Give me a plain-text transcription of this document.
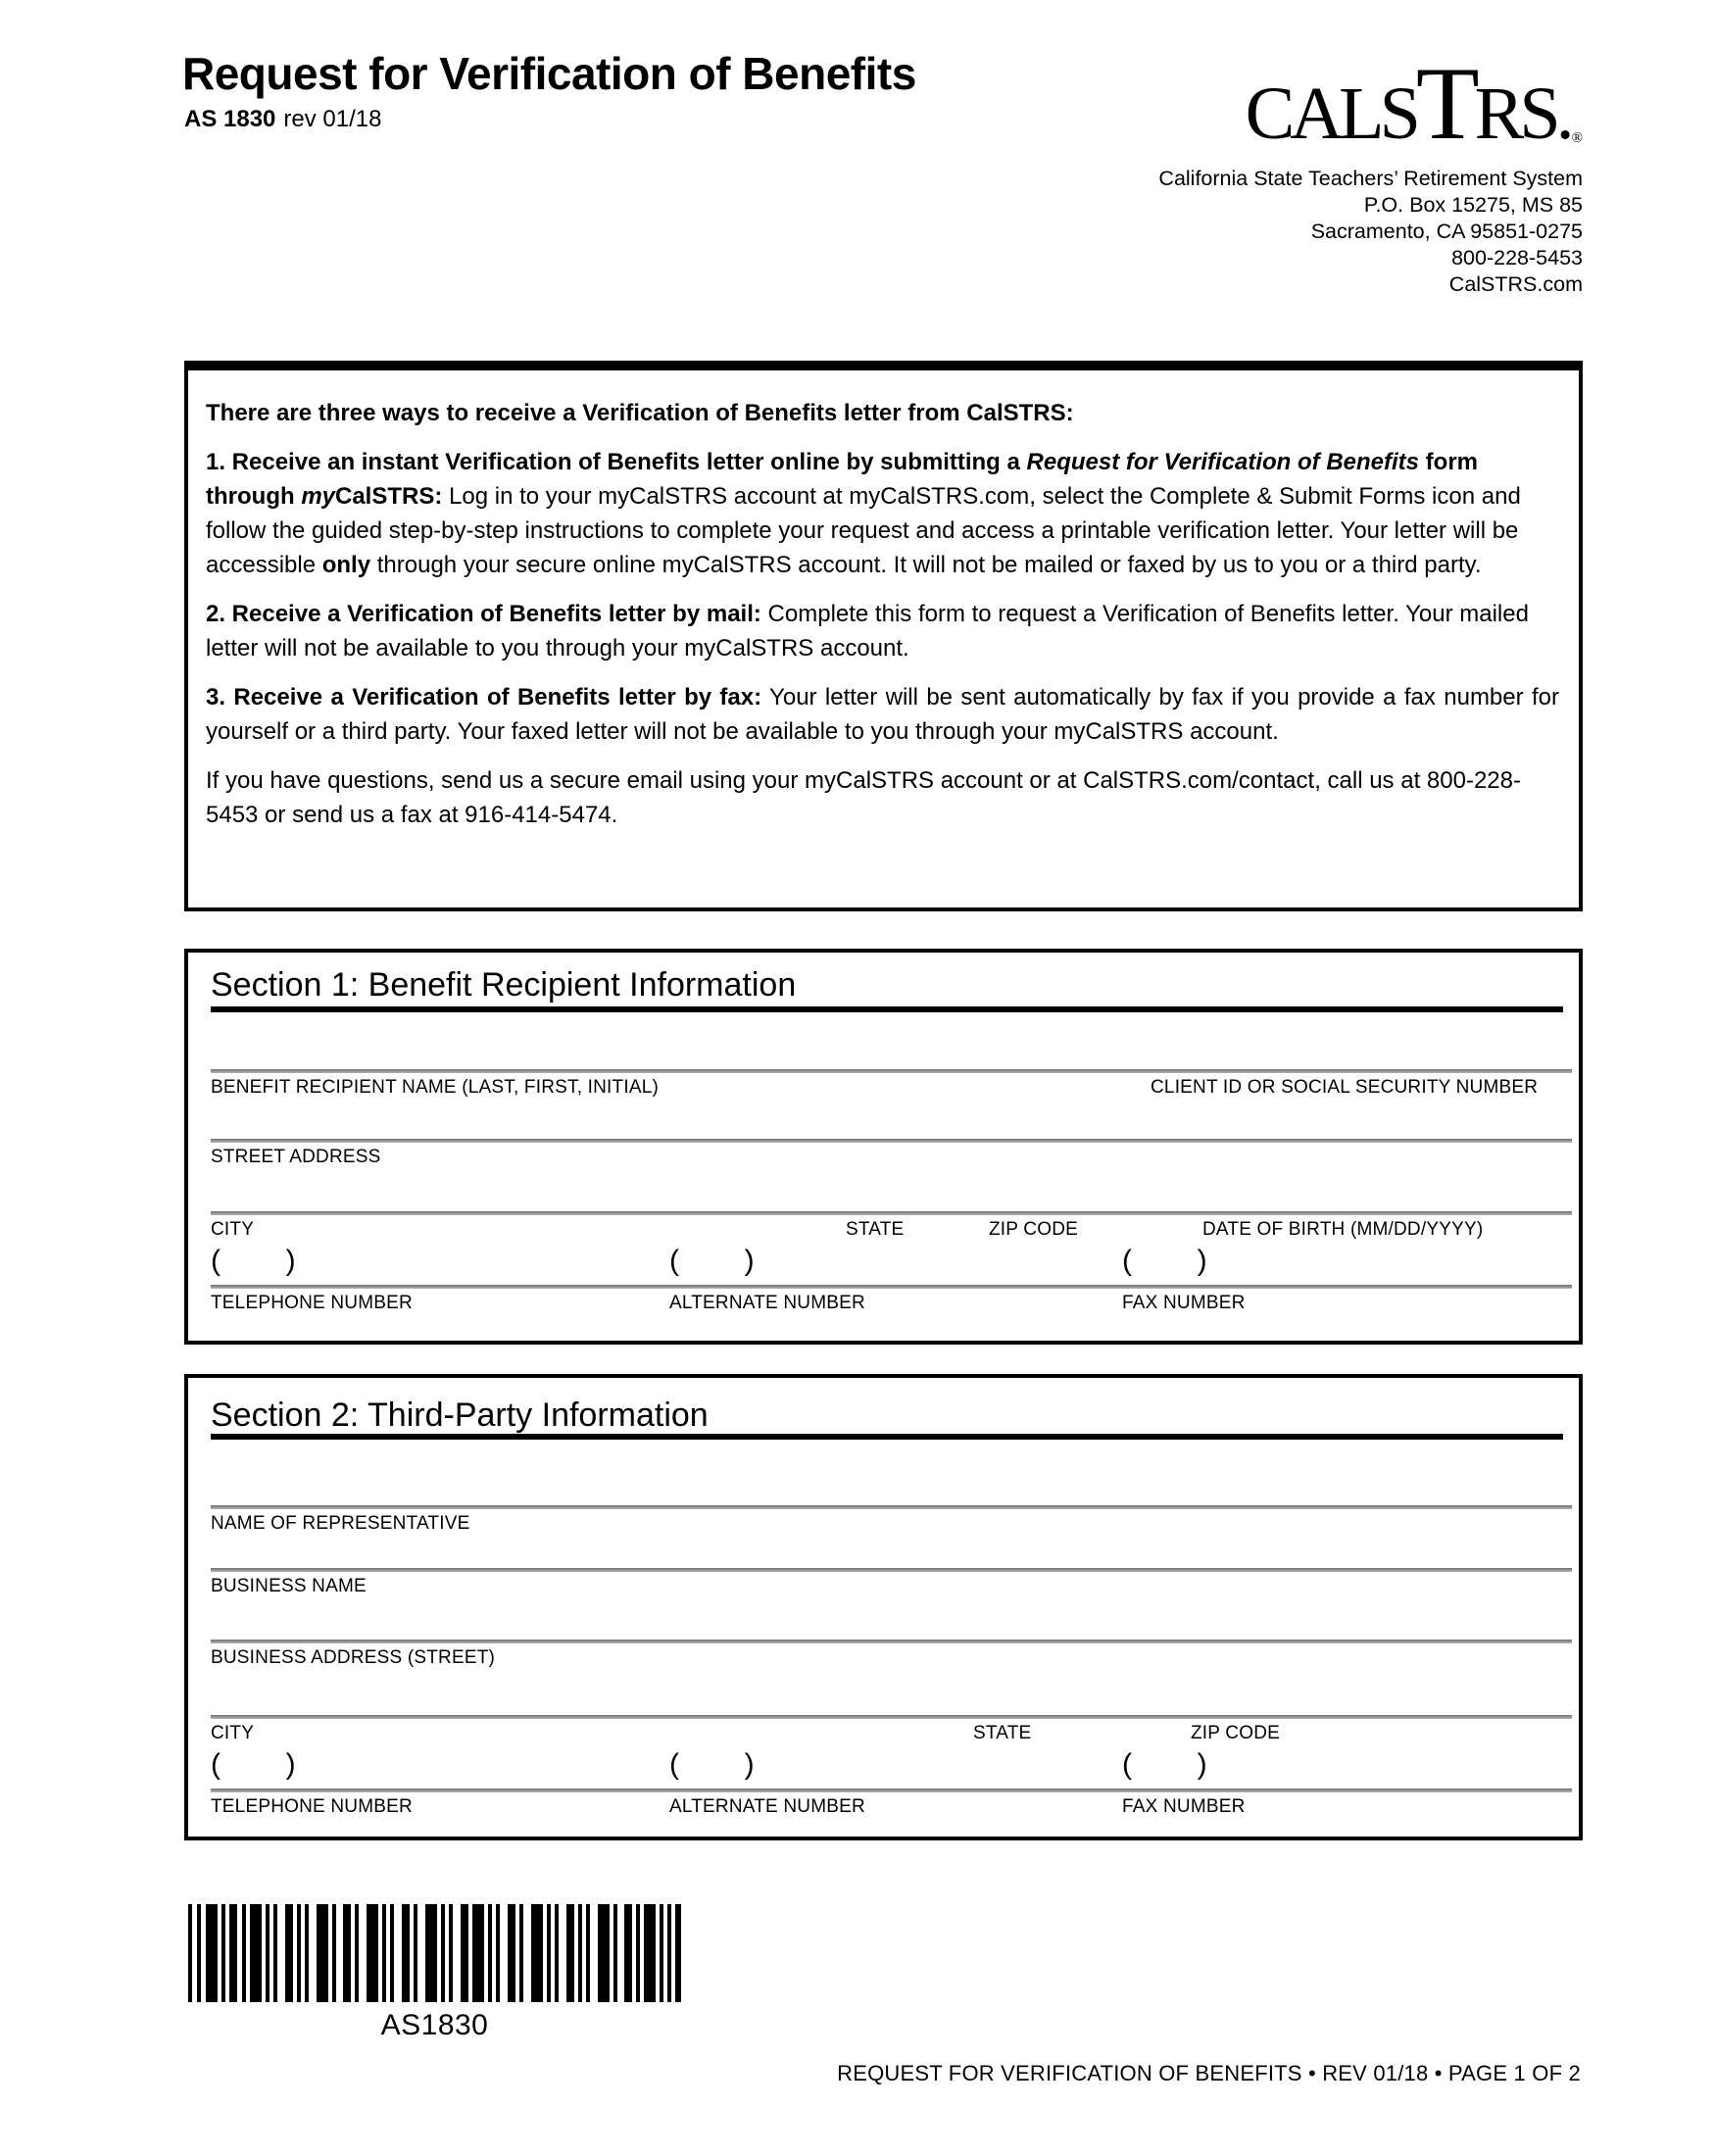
Request for Verification of Benefits
AS 1830 rev 01/18	CALSTRS. ®
California State Teachers’ Retirement System
P.O. Box 15275, MS 85
Sacramento, CA 95851-0275
800-228-5453
CalSTRS.com

There are three ways to receive a Verification of Benefits letter from CalSTRS:

1. Receive an instant Verification of Benefits letter online by submitting a Request for Verification of Benefits form through myCalSTRS: Log in to your myCalSTRS account at myCalSTRS.com, select the Complete & Submit Forms icon and follow the guided step-by-step instructions to complete your request and access a printable verification letter. Your letter will be accessible only through your secure online myCalSTRS account. It will not be mailed or faxed by us to you or a third party.

2. Receive a Verification of Benefits letter by mail: Complete this form to request a Verification of Benefits letter. Your mailed letter will not be available to you through your myCalSTRS account.

3. Receive a Verification of Benefits letter by fax: Your letter will be sent automatically by fax if you provide a fax number for yourself or a third party. Your faxed letter will not be available to you through your myCalSTRS account.

If you have questions, send us a secure email using your myCalSTRS account or at CalSTRS.com/contact, call us at 800-228-5453 or send us a fax at 916-414-5474.

Section 1: Benefit Recipient Information
BENEFIT RECIPIENT NAME (LAST, FIRST, INITIAL)	CLIENT ID OR SOCIAL SECURITY NUMBER
STREET ADDRESS
CITY	STATE	ZIP CODE	DATE OF BIRTH (MM/DD/YYYY)
(        )	(        )	(        )
TELEPHONE NUMBER	ALTERNATE NUMBER	FAX NUMBER
Section 2: Third-Party Information
NAME OF REPRESENTATIVE
BUSINESS NAME
BUSINESS ADDRESS (STREET)
CITY	STATE	ZIP CODE
(        )	(        )	(        )
TELEPHONE NUMBER	ALTERNATE NUMBER	FAX NUMBER
AS1830
REQUEST FOR VERIFICATION OF BENEFITS • REV 01/18 • PAGE 1 OF 2
